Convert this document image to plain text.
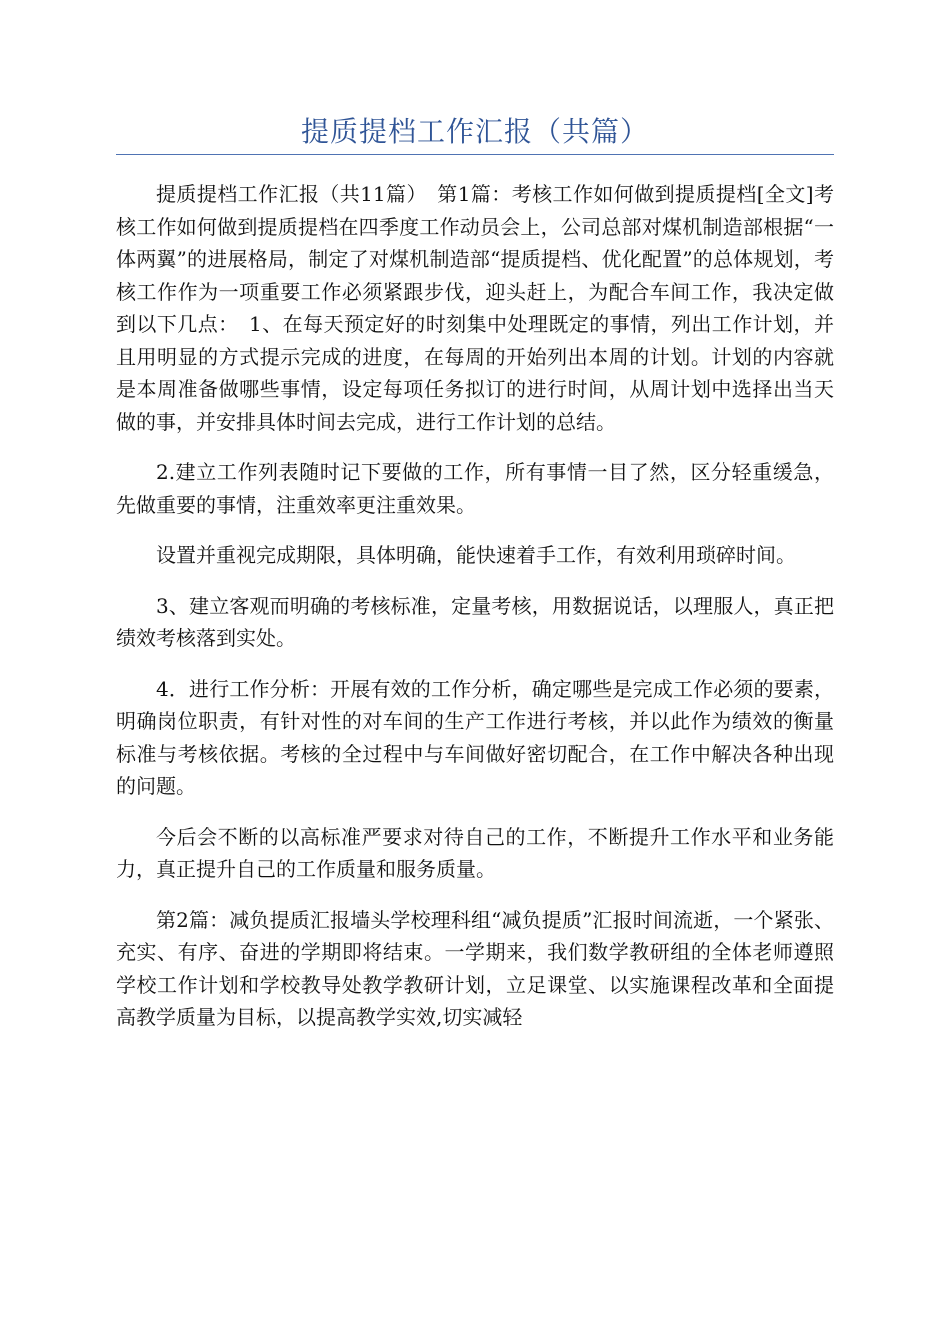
提质提档工作汇报（共篇）

提质提档工作汇报（共11篇）　第1篇：考核工作如何做到提质提档[全文]考核工作如何做到提质提档在四季度工作动员会上，公司总部对煤机制造部根据“一体两翼”的进展格局，制定了对煤机制造部“提质提档、优化配置”的总体规划，考核工作作为一项重要工作必须紧跟步伐，迎头赶上，为配合车间工作，我决定做到以下几点：　1、在每天预定好的时刻集中处理既定的事情，列出工作计划，并且用明显的方式提示完成的进度，在每周的开始列出本周的计划。计划的内容就是本周准备做哪些事情，设定每项任务拟订的进行时间，从周计划中选择出当天做的事，并安排具体时间去完成，进行工作计划的总结。

2.建立工作列表随时记下要做的工作，所有事情一目了然，区分轻重缓急，先做重要的事情，注重效率更注重效果。

设置并重视完成期限，具体明确，能快速着手工作，有效利用琐碎时间。

3、建立客观而明确的考核标准，定量考核，用数据说话，以理服人，真正把绩效考核落到实处。

4．进行工作分析：开展有效的工作分析，确定哪些是完成工作必须的要素，明确岗位职责，有针对性的对车间的生产工作进行考核，并以此作为绩效的衡量标准与考核依据。考核的全过程中与车间做好密切配合，在工作中解决各种出现的问题。

今后会不断的以高标准严要求对待自己的工作，不断提升工作水平和业务能力，真正提升自己的工作质量和服务质量。

第2篇：减负提质汇报墙头学校理科组“减负提质”汇报时间流逝，一个紧张、充实、有序、奋进的学期即将结束。一学期来，我们数学教研组的全体老师遵照学校工作计划和学校教导处教学教研计划，立足课堂、以实施课程改革和全面提高教学质量为目标，以提高教学实效,切实减轻
